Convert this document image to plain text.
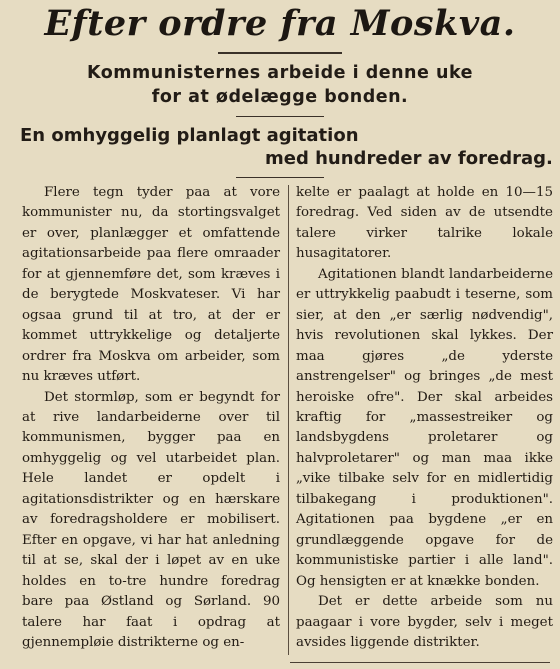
Efter ordre fra Moskva.
Kommunisternes arbeide i denne uke
for at ødelægge bonden.
En omhyggelig planlagt agitation
med hundreder av foredrag.

Flere tegn tyder paa at vore kommunister nu, da stortingsvalget er over, planlægger et omfattende agitationsarbeide paa flere omraader for at gjennemføre det, som kræves i de berygtede Moskvateser. Vi har ogsaa grund til at tro, at der er kommet uttrykkelige og detaljerte ordrer fra Moskva om arbeider, som nu kræves utført.

Det stormløp, som er begyndt for at rive landarbeiderne over til kommunismen, bygger paa en omhyggelig og vel utarbeidet plan. Hele landet er opdelt i agitationsdistrikter og en hærskare av foredragsholdere er mobilisert. Efter en opgave, vi har hat anledning til at se, skal der i løpet av en uke holdes en to-tre hundre foredrag bare paa Østland og Sørland. 90 talere har faat i opdrag at gjennempløie distrikterne og en-

kelte er paalagt at holde en 10—15 foredrag. Ved siden av de utsendte talere virker talrike lokale husagitatorer.

Agitationen blandt landarbeiderne er uttrykkelig paabudt i teserne, som sier, at den „er særlig nødvendig", hvis revolutionen skal lykkes. Der maa gjøres „de yderste anstrengelser" og bringes „de mest heroiske ofre". Der skal arbeides kraftig for „massestreiker og landsbygdens proletarer og halvproletarer" og man maa ikke „vike tilbake selv for en midlertidig tilbakegang i produktionen". Agitationen paa bygdene „er en grundlæggende opgave for de kommunistiske partier i alle land". Og hensigten er at knække bonden.

Det er dette arbeide som nu paagaar i vore bygder, selv i meget avsides liggende distrikter.
